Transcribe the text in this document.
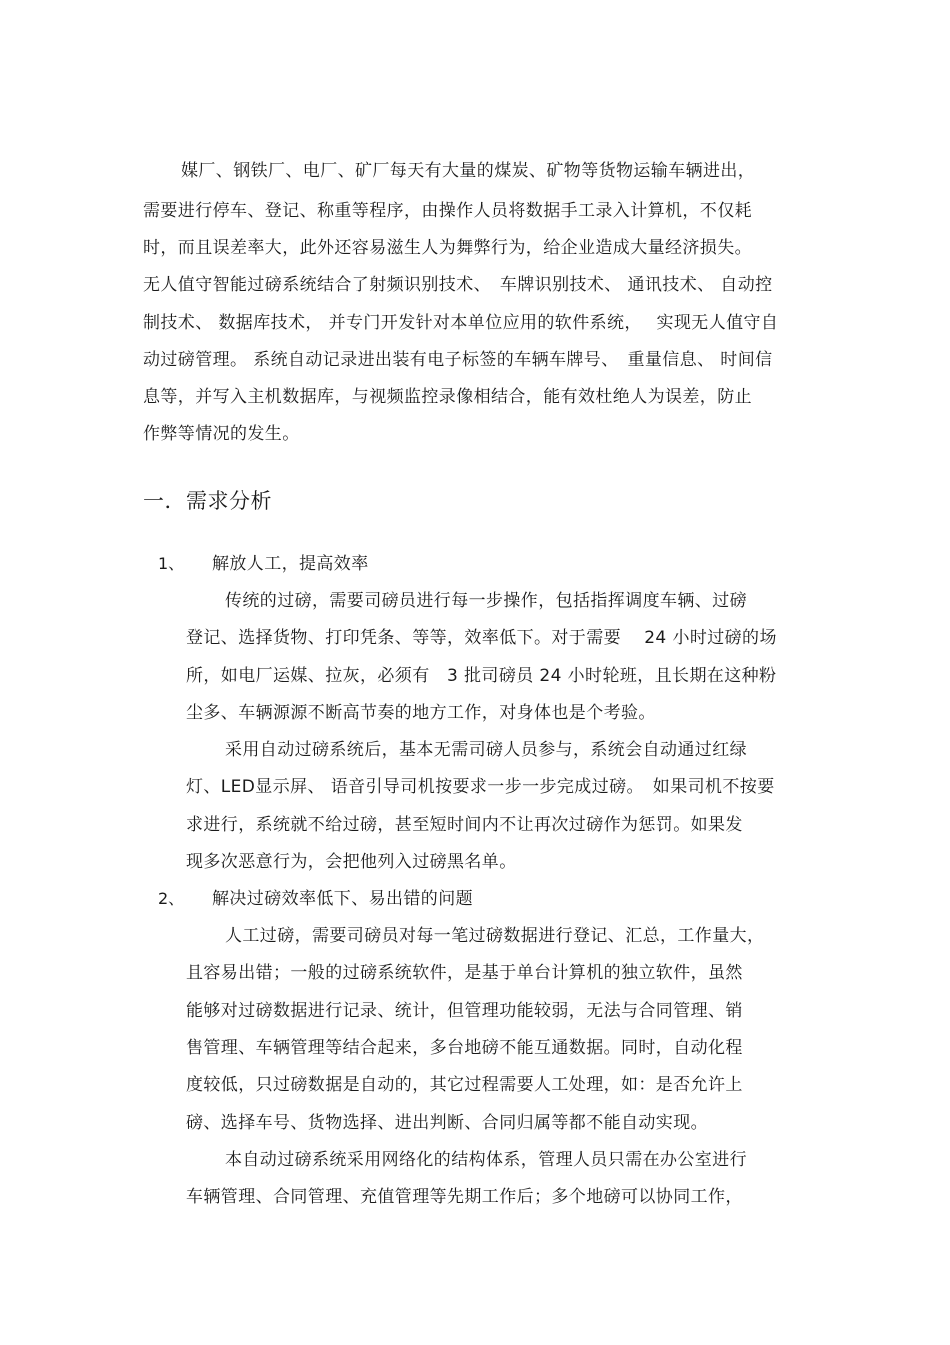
媒厂、钢铁厂、电厂、矿厂每天有大量的煤炭、矿物等货物运输车辆进出，
需要进行停车、登记、称重等程序，由操作人员将数据手工录入计算机，不仅耗
时，而且误差率大，此外还容易滋生人为舞弊行为，给企业造成大量经济损失。
无人值守智能过磅系统结合了射频识别技术、　车牌识别技术、 通讯技术、 自动控
制技术、 数据库技术， 并专门开发针对本单位应用的软件系统，　 实现无人值守自
动过磅管理。 系统自动记录进出装有电子标签的车辆车牌号、　重量信息、 时间信
息等，并写入主机数据库，与视频监控录像相结合，能有效杜绝人为误差，防止
作弊等情况的发生。
一．需求分析
1、 解放人工，提高效率
传统的过磅，需要司磅员进行每一步操作，包括指挥调度车辆、过磅
登记、选择货物、打印凭条、等等，效率低下。对于需要　 24 小时过磅的场
所，如电厂运媒、拉灰，必须有　3 批司磅员 24 小时轮班，且长期在这种粉
尘多、车辆源源不断高节奏的地方工作，对身体也是个考验。
采用自动过磅系统后，基本无需司磅人员参与，系统会自动通过红绿
灯、LED显示屏、 语音引导司机按要求一步一步完成过磅。　如果司机不按要
求进行，系统就不给过磅，甚至短时间内不让再次过磅作为惩罚。如果发
现多次恶意行为，会把他列入过磅黑名单。
2、 解决过磅效率低下、易出错的问题
人工过磅，需要司磅员对每一笔过磅数据进行登记、汇总，工作量大，
且容易出错；一般的过磅系统软件，是基于单台计算机的独立软件，虽然
能够对过磅数据进行记录、统计，但管理功能较弱，无法与合同管理、销
售管理、车辆管理等结合起来，多台地磅不能互通数据。同时，自动化程
度较低，只过磅数据是自动的，其它过程需要人工处理，如：是否允许上
磅、选择车号、货物选择、进出判断、合同归属等都不能自动实现。
本自动过磅系统采用网络化的结构体系，管理人员只需在办公室进行
车辆管理、合同管理、充值管理等先期工作后；多个地磅可以协同工作，
